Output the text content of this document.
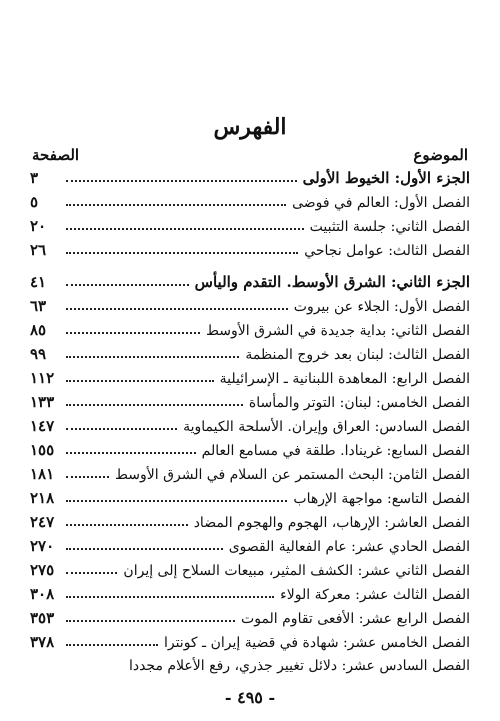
الفهرس
الموضوع
الصفحة
الجزء الأول: الخيوط الأولى
٣
الفصل الأول: العالم في فوضى
٥
الفصل الثاني: جلسة التثبيت
٢٠
الفصل الثالث: عوامل نجاحي
٢٦
الجزء الثاني: الشرق الأوسط. التقدم واليأس
٤١
الفصل الأول: الجلاء عن بيروت
٦٣
الفصل الثاني: بداية جديدة في الشرق الأوسط
٨٥
الفصل الثالث: لبنان بعد خروج المنظمة
٩٩
الفصل الرابع: المعاهدة اللبنانية ـ الإسرائيلية
١١٢
الفصل الخامس: لبنان: التوتر والمأساة
١٣٣
الفصل السادس: العراق وإيران. الأسلحة الكيماوية
١٤٧
الفصل السابع: غرينادا. طلقة في مسامع العالم
١٥٥
الفصل الثامن: البحث المستمر عن السلام في الشرق الأوسط
١٨١
الفصل التاسع: مواجهة الإرهاب
٢١٨
الفصل العاشر: الإرهاب، الهجوم والهجوم المضاد
٢٤٧
الفصل الحادي عشر: عام الفعالية القصوى
٢٧٠
الفصل الثاني عشر: الكشف المثير، مبيعات السلاح إلى إيران
٢٧٥
الفصل الثالث عشر: معركة الولاء
٣٠٨
الفصل الرابع عشر: الأفعى تقاوم الموت
٣٥٣
الفصل الخامس عشر: شهادة في قضية إيران ـ كونترا
٣٧٨
الفصل السادس عشر: دلائل تغيير جذري، رفع الأعلام مجددا
- ٤٩٥ -
